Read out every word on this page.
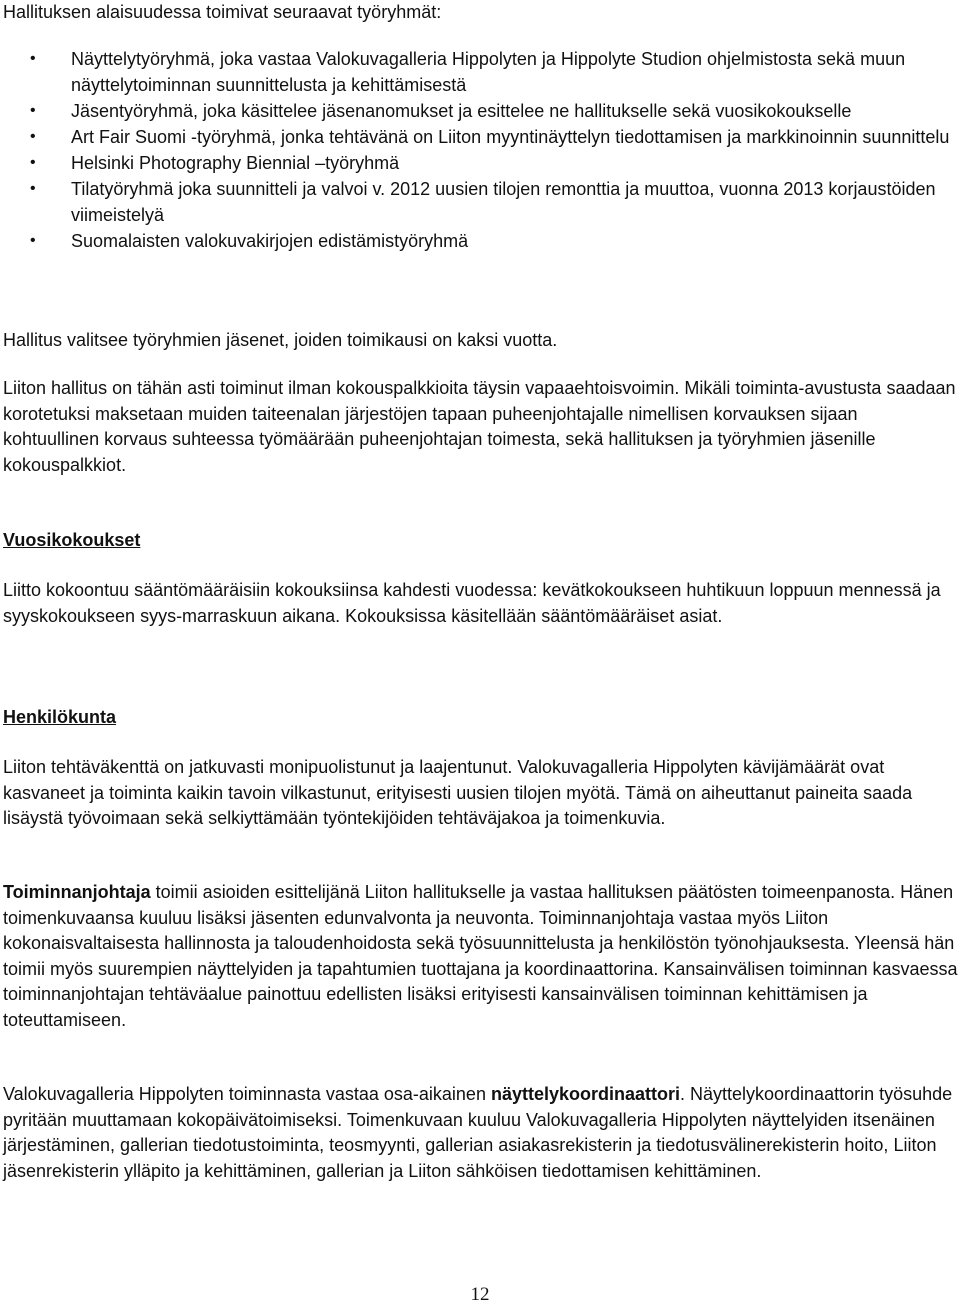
Hallituksen alaisuudessa toimivat seuraavat työryhmät:

• Näyttelytyöryhmä, joka vastaa Valokuvagalleria Hippolyten ja Hippolyte Studion ohjelmistosta sekä muun näyttelytoiminnan suunnittelusta ja kehittämisestä
• Jäsentyöryhmä, joka käsittelee jäsenanomukset ja esittelee ne hallitukselle sekä vuosikokoukselle
• Art Fair Suomi -työryhmä, jonka tehtävänä on Liiton myyntinäyttelyn tiedottamisen ja markkinoinnin suunnittelu
• Helsinki Photography Biennial –työryhmä
• Tilatyöryhmä joka suunnitteli ja valvoi v. 2012 uusien tilojen remonttia ja muuttoa, vuonna 2013 korjaustöiden viimeistelyä
• Suomalaisten valokuvakirjojen edistämistyöryhmä

Hallitus valitsee työryhmien jäsenet, joiden toimikausi on kaksi vuotta.

Liiton hallitus on tähän asti toiminut ilman kokouspalkkioita täysin vapaaehtoisvoimin. Mikäli toiminta-avustusta saadaan korotetuksi maksetaan muiden taiteenalan järjestöjen tapaan puheenjohtajalle nimellisen korvauksen sijaan kohtuullinen korvaus suhteessa työmäärään puheenjohtajan toimesta, sekä hallituksen ja työryhmien jäsenille kokouspalkkiot.

Vuosikokoukset

Liitto kokoontuu sääntömääräisiin kokouksiinsa kahdesti vuodessa: kevätkokoukseen huhtikuun loppuun mennessä ja syyskokoukseen syys-marraskuun aikana. Kokouksissa käsitellään sääntömääräiset asiat.

Henkilökunta

Liiton tehtäväkenttä on jatkuvasti monipuolistunut ja laajentunut. Valokuvagalleria Hippolyten kävijämäärät ovat kasvaneet ja toiminta kaikin tavoin vilkastunut, erityisesti uusien tilojen myötä. Tämä on aiheuttanut paineita saada lisäystä työvoimaan sekä selkiyttämään työntekijöiden tehtäväjakoa ja toimenkuvia.

Toiminnanjohtaja toimii asioiden esittelijänä Liiton hallitukselle ja vastaa hallituksen päätösten toimeenpanosta. Hänen toimenkuvaansa kuuluu lisäksi jäsenten edunvalvonta ja neuvonta. Toiminnanjohtaja vastaa myös Liiton kokonaisvaltaisesta hallinnosta ja taloudenhoidosta sekä työsuunnittelusta ja henkilöstön työnohjauksesta. Yleensä hän toimii myös suurempien näyttelyiden ja tapahtumien tuottajana ja koordinaattorina. Kansainvälisen toiminnan kasvaessa toiminnanjohtajan tehtäväalue painottuu edellisten lisäksi erityisesti kansainvälisen toiminnan kehittämisen ja toteuttamiseen.

Valokuvagalleria Hippolyten toiminnasta vastaa osa-aikainen näyttelykoordinaattori. Näyttelykoordinaattorin työsuhde pyritään muuttamaan kokopäivätoimiseksi. Toimenkuvaan kuuluu Valokuvagalleria Hippolyten näyttelyiden itsenäinen järjestäminen, gallerian tiedotustoiminta, teosmyynti, gallerian asiakasrekisterin ja tiedotusvälinerekisterin hoito, Liiton jäsenrekisterin ylläpito ja kehittäminen, gallerian ja Liiton sähköisen tiedottamisen kehittäminen.

12
